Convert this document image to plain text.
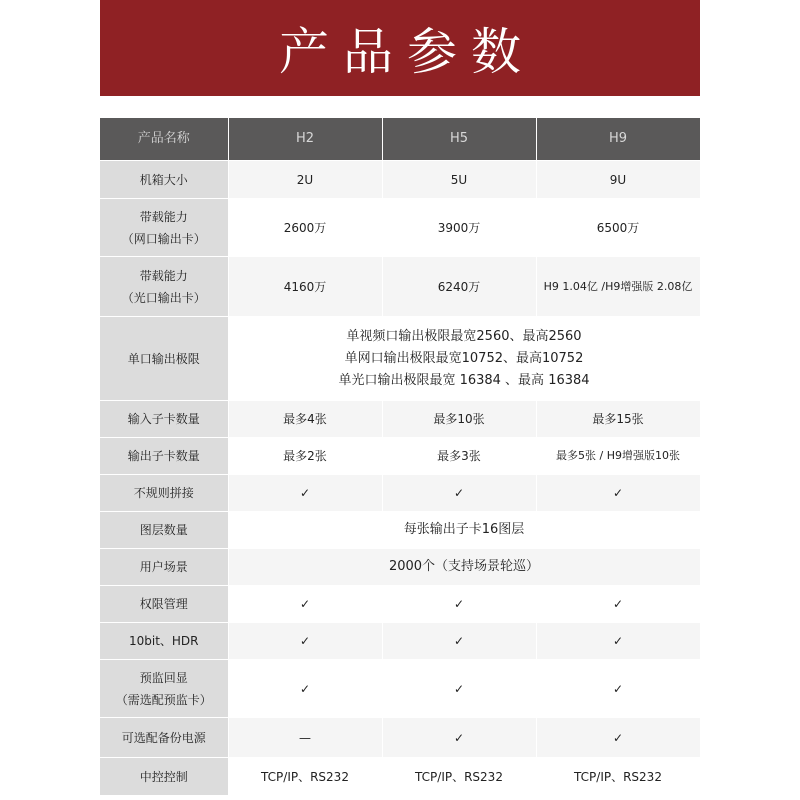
产品参数
产品名称	H2	H5	H9
机箱大小	2U	5U	9U

带载能力
（网口输出卡）	2600万	3900万	6500万

带载能力
（光口输出卡）	4160万	6240万	H9 1.04亿 /H9增强版 2.08亿
单口输出极限	单视频口输出极限最宽2560、最高2560
单网口输出极限最宽10752、最高10752
单光口输出极限最宽 16384 、最高 16384		

输入子卡数量	最多4张	最多10张	最多15张
输出子卡数量	最多2张	最多3张	最多5张 / H9增强版10张
不规则拼接	✓	✓	✓
图层数量	每张输出子卡16图层		
用户场景	2000个（支持场景轮巡）		
权限管理	✓	✓	✓
10bit、HDR	✓	✓	✓

预监回显
（需选配预监卡）	✓	✓	✓
可选配备份电源	—	✓	✓
中控控制	TCP/IP、RS232	TCP/IP、RS232	TCP/IP、RS232
